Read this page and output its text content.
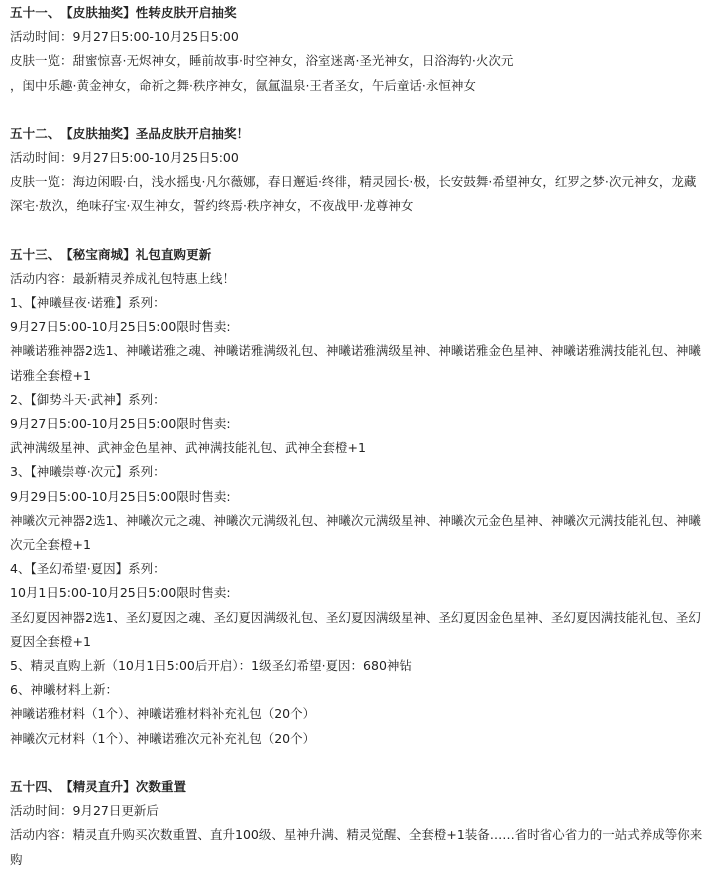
五十一、 【皮肤抽奖】性转皮肤开启抽奖
活动时间：9月27日5:00-10月25日5:00
皮肤一览：甜蜜惊喜·无烬神女，睡前故事·时空神女，浴室迷离·圣光神女，日浴海钓·火次元
，闺中乐趣·黄金神女，命祈之舞·秩序神女，氤氲温泉·王者圣女，午后童话·永恒神女
五十二、 【皮肤抽奖】圣品皮肤开启抽奖！
活动时间：9月27日5:00-10月25日5:00
皮肤一览：海边闲暇·白，浅水摇曳·凡尔薇娜，春日邂逅·终徘，精灵园长·极，长安鼓舞·希望神女，红罗之梦·次元神女，龙藏深宅·敖汣，绝味孖宝·双生神女，誓约终焉·秩序神女，不夜战甲·龙尊神女
五十三、 【秘宝商城】礼包直购更新
活动内容：最新精灵养成礼包特惠上线！
1、【神曦昼夜·诺雅】系列：
9月27日5:00-10月25日5:00限时售卖:
神曦诺雅神器2选1、神曦诺雅之魂、神曦诺雅满级礼包、神曦诺雅满级星神、神曦诺雅金色星神、神曦诺雅满技能礼包、神曦诺雅全套橙+1
2、【御势斗天·武神】系列：
9月27日5:00-10月25日5:00限时售卖:
武神满级星神、武神金色星神、武神满技能礼包、武神全套橙+1
3、【神曦崇尊·次元】系列：
9月29日5:00-10月25日5:00限时售卖:
神曦次元神器2选1、神曦次元之魂、神曦次元满级礼包、神曦次元满级星神、神曦次元金色星神、神曦次元满技能礼包、神曦次元全套橙+1
4、【圣幻希望·夏因】系列：
10月1日5:00-10月25日5:00限时售卖:
圣幻夏因神器2选1、圣幻夏因之魂、圣幻夏因满级礼包、圣幻夏因满级星神、圣幻夏因金色星神、圣幻夏因满技能礼包、圣幻夏因全套橙+1
5、精灵直购上新（10月1日5:00后开启）：1级圣幻希望·夏因：680神钻
6、神曦材料上新：
神曦诺雅材料（1个）、神曦诺雅材料补充礼包（20个）
神曦次元材料（1个）、神曦诺雅次元补充礼包（20个）
五十四、 【精灵直升】次数重置
活动时间：9月27日更新后
活动内容：精灵直升购买次数重置、直升100级、星神升满、精灵觉醒、全套橙+1装备……省时省心省力的一站式养成等你来购
